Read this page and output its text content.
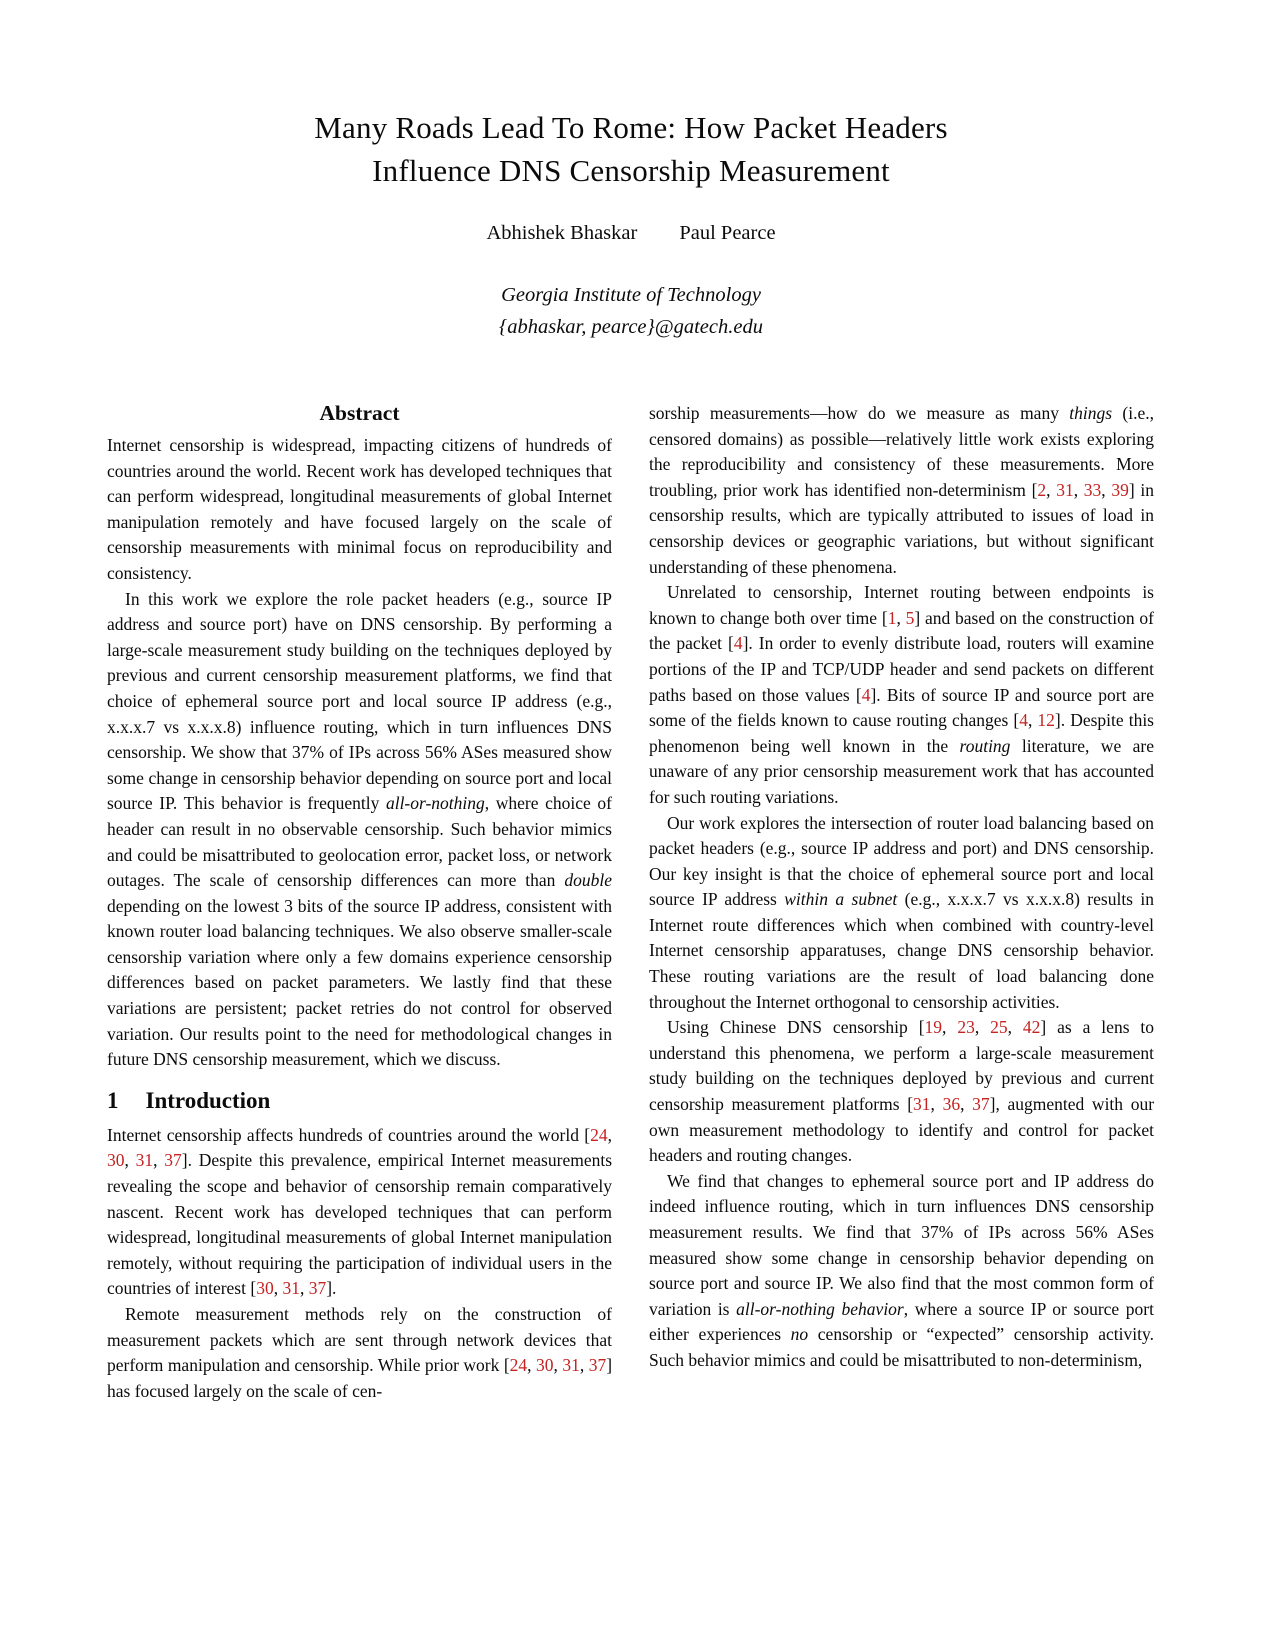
Many Roads Lead To Rome: How Packet Headers
Influence DNS Censorship Measurement
Abhishek Bhaskar Paul Pearce
Georgia Institute of Technology
{abhaskar, pearce}@gatech.edu
Abstract

Internet censorship is widespread, impacting citizens of hundreds of countries around the world. Recent work has developed techniques that can perform widespread, longitudinal measurements of global Internet manipulation remotely and have focused largely on the scale of censorship measurements with minimal focus on reproducibility and consistency.

In this work we explore the role packet headers (e.g., source IP address and source port) have on DNS censorship. By performing a large-scale measurement study building on the techniques deployed by previous and current censorship measurement platforms, we find that choice of ephemeral source port and local source IP address (e.g., x.x.x.7 vs x.x.x.8) influence routing, which in turn influences DNS censorship. We show that 37% of IPs across 56% ASes measured show some change in censorship behavior depending on source port and local source IP. This behavior is frequently all-or-nothing, where choice of header can result in no observable censorship. Such behavior mimics and could be misattributed to geolocation error, packet loss, or network outages. The scale of censorship differences can more than double depending on the lowest 3 bits of the source IP address, consistent with known router load balancing techniques. We also observe smaller-scale censorship variation where only a few domains experience censorship differences based on packet parameters. We lastly find that these variations are persistent; packet retries do not control for observed variation. Our results point to the need for methodological changes in future DNS censorship measurement, which we discuss.

1 Introduction

Internet censorship affects hundreds of countries around the world [24, 30, 31, 37]. Despite this prevalence, empirical Internet measurements revealing the scope and behavior of censorship remain comparatively nascent. Recent work has developed techniques that can perform widespread, longitudinal measurements of global Internet manipulation remotely, without requiring the participation of individual users in the countries of interest [30, 31, 37].

Remote measurement methods rely on the construction of measurement packets which are sent through network devices that perform manipulation and censorship. While prior work [24, 30, 31, 37] has focused largely on the scale of cen-

sorship measurements—how do we measure as many things (i.e., censored domains) as possible—relatively little work exists exploring the reproducibility and consistency of these measurements. More troubling, prior work has identified non-determinism [2, 31, 33, 39] in censorship results, which are typically attributed to issues of load in censorship devices or geographic variations, but without significant understanding of these phenomena.

Unrelated to censorship, Internet routing between endpoints is known to change both over time [1, 5] and based on the construction of the packet [4]. In order to evenly distribute load, routers will examine portions of the IP and TCP/UDP header and send packets on different paths based on those values [4]. Bits of source IP and source port are some of the fields known to cause routing changes [4, 12]. Despite this phenomenon being well known in the routing literature, we are unaware of any prior censorship measurement work that has accounted for such routing variations.

Our work explores the intersection of router load balancing based on packet headers (e.g., source IP address and port) and DNS censorship. Our key insight is that the choice of ephemeral source port and local source IP address within a subnet (e.g., x.x.x.7 vs x.x.x.8) results in Internet route differences which when combined with country-level Internet censorship apparatuses, change DNS censorship behavior. These routing variations are the result of load balancing done throughout the Internet orthogonal to censorship activities.

Using Chinese DNS censorship [19, 23, 25, 42] as a lens to understand this phenomena, we perform a large-scale measurement study building on the techniques deployed by previous and current censorship measurement platforms [31, 36, 37], augmented with our own measurement methodology to identify and control for packet headers and routing changes.

We find that changes to ephemeral source port and IP address do indeed influence routing, which in turn influences DNS censorship measurement results. We find that 37% of IPs across 56% ASes measured show some change in censorship behavior depending on source port and source IP. We also find that the most common form of variation is all-or-nothing behavior, where a source IP or source port either experiences no censorship or “expected” censorship activity. Such behavior mimics and could be misattributed to non-determinism,
